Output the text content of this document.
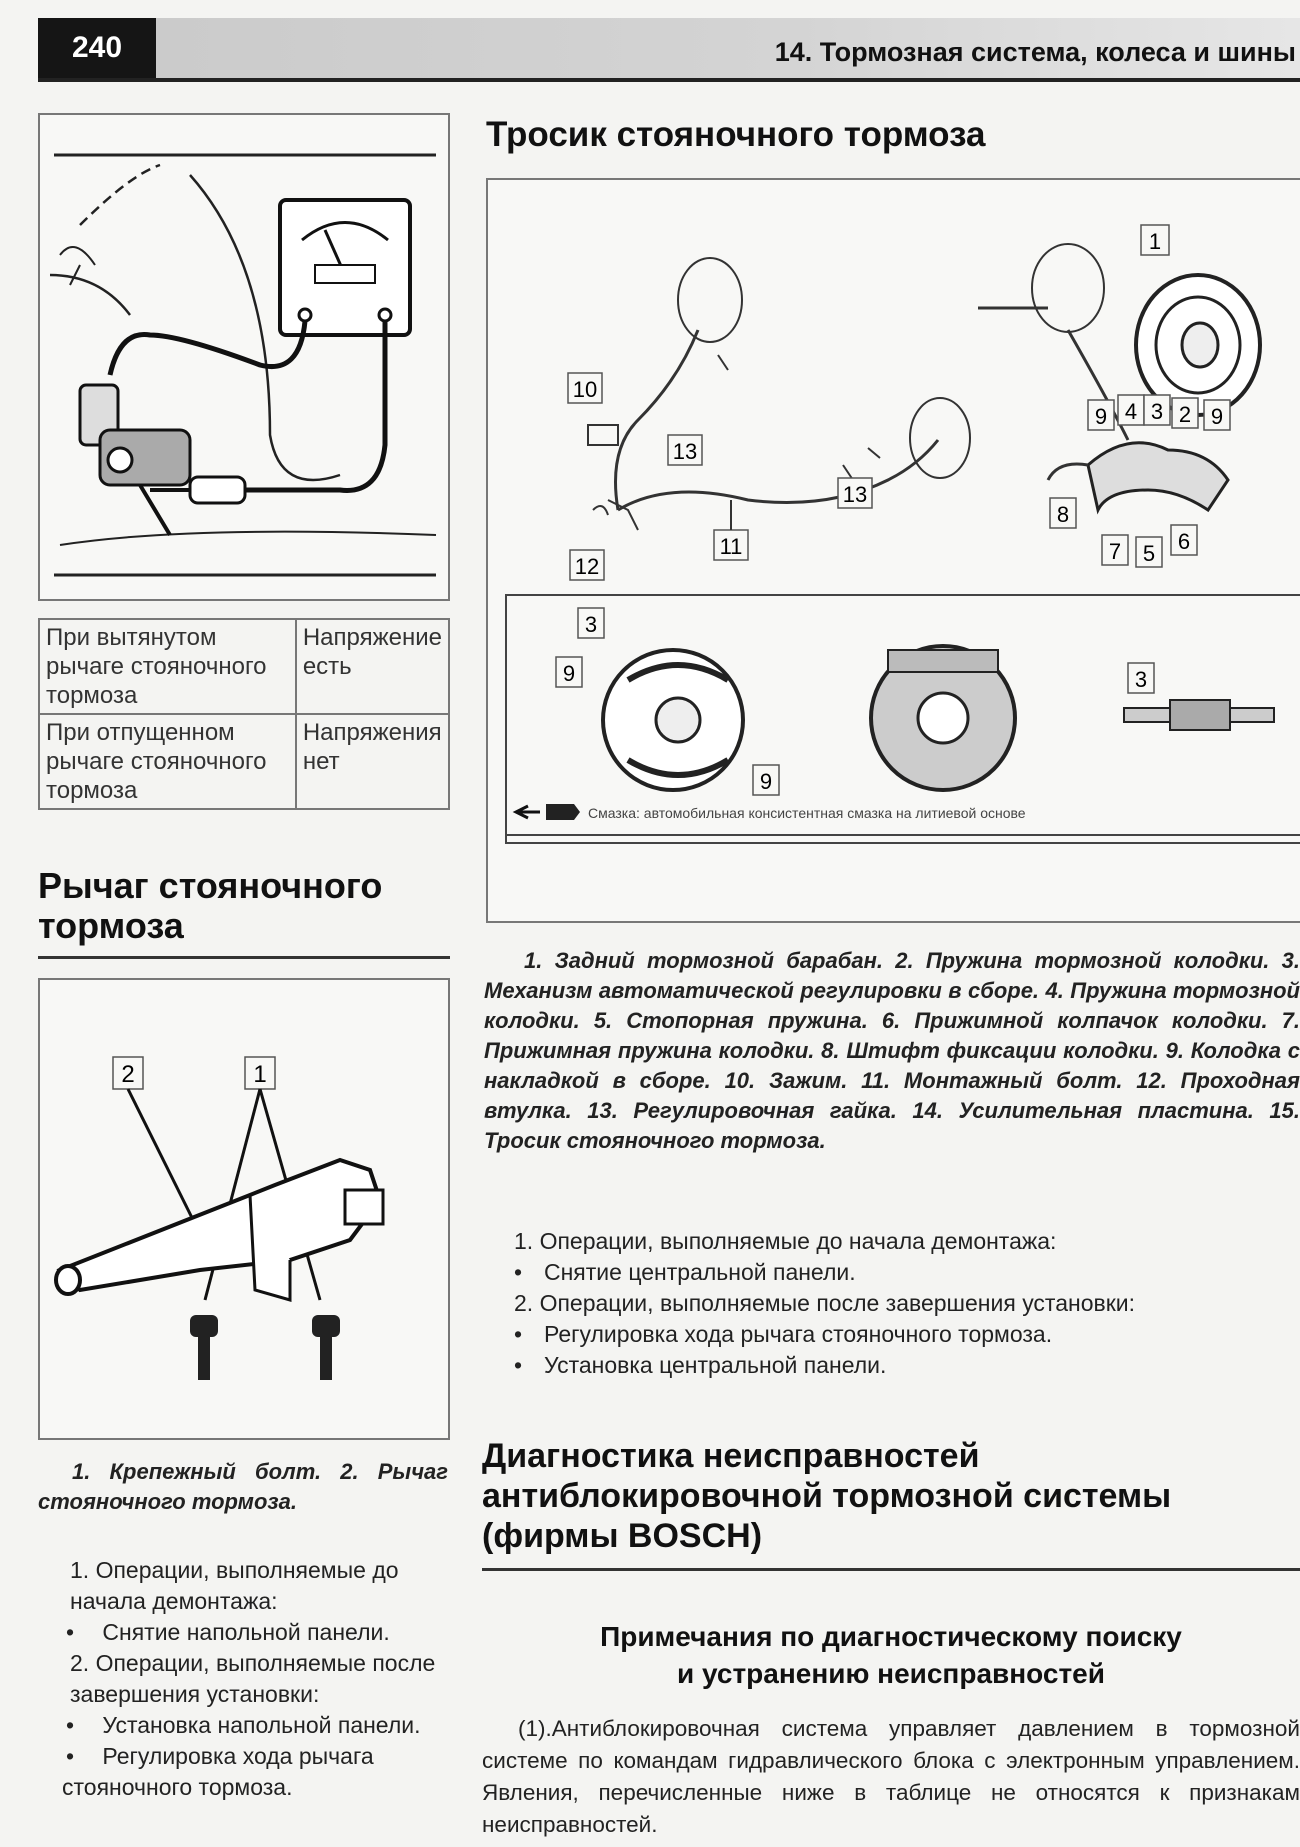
240	14. Тормозная система, колеса и шины
При вытянутом рычаге стояночного тормоза	Напряжение есть
При отпущенном рычаге стояночного тормоза	Напряжения нет
Рычаг стояночного тормоза
2	1
1. Крепежный болт. 2. Рычаг стояночного тормоза.
1. Операции, выполняемые до начала демонтажа:
• Снятие напольной панели.
2. Операции, выполняемые после завершения установки:
• Установка напольной панели.
• Регулировка хода рычага стояночного тормоза.
Тросик стояночного тормоза
1
9 4 3 2 9
8
7 5 6
10
13
13
11
12
3
9
9
3
Смазка: автомобильная консистентная смазка на литиевой основе
1. Задний тормозной барабан. 2. Пружина тормозной колодки. 3. Механизм автоматической регулировки в сборе. 4. Пружина тормозной колодки. 5. Стопорная пружина. 6. Прижимной колпачок колодки. 7. Прижимная пружина колодки. 8. Штифт фиксации колодки. 9. Колодка с накладкой в сборе. 10. Зажим. 11. Монтажный болт. 12. Проходная втулка. 13. Регулировочная гайка. 14. Усилительная пластина. 15. Тросик стояночного тормоза.
1. Операции, выполняемые до начала демонтажа:
• Снятие центральной панели.
2. Операции, выполняемые после завершения установки:
• Регулировка хода рычага стояночного тормоза.
• Установка центральной панели.
Диагностика неисправностей
антиблокировочной тормозной системы
(фирмы BOSCH)
Примечания по диагностическому поиску
и устранению неисправностей
(1).Антиблокировочная система управляет давлением в тормозной системе по командам гидравлического блока с электронным управлением. Явления, перечисленные ниже в таблице не относятся к признакам неисправностей.
